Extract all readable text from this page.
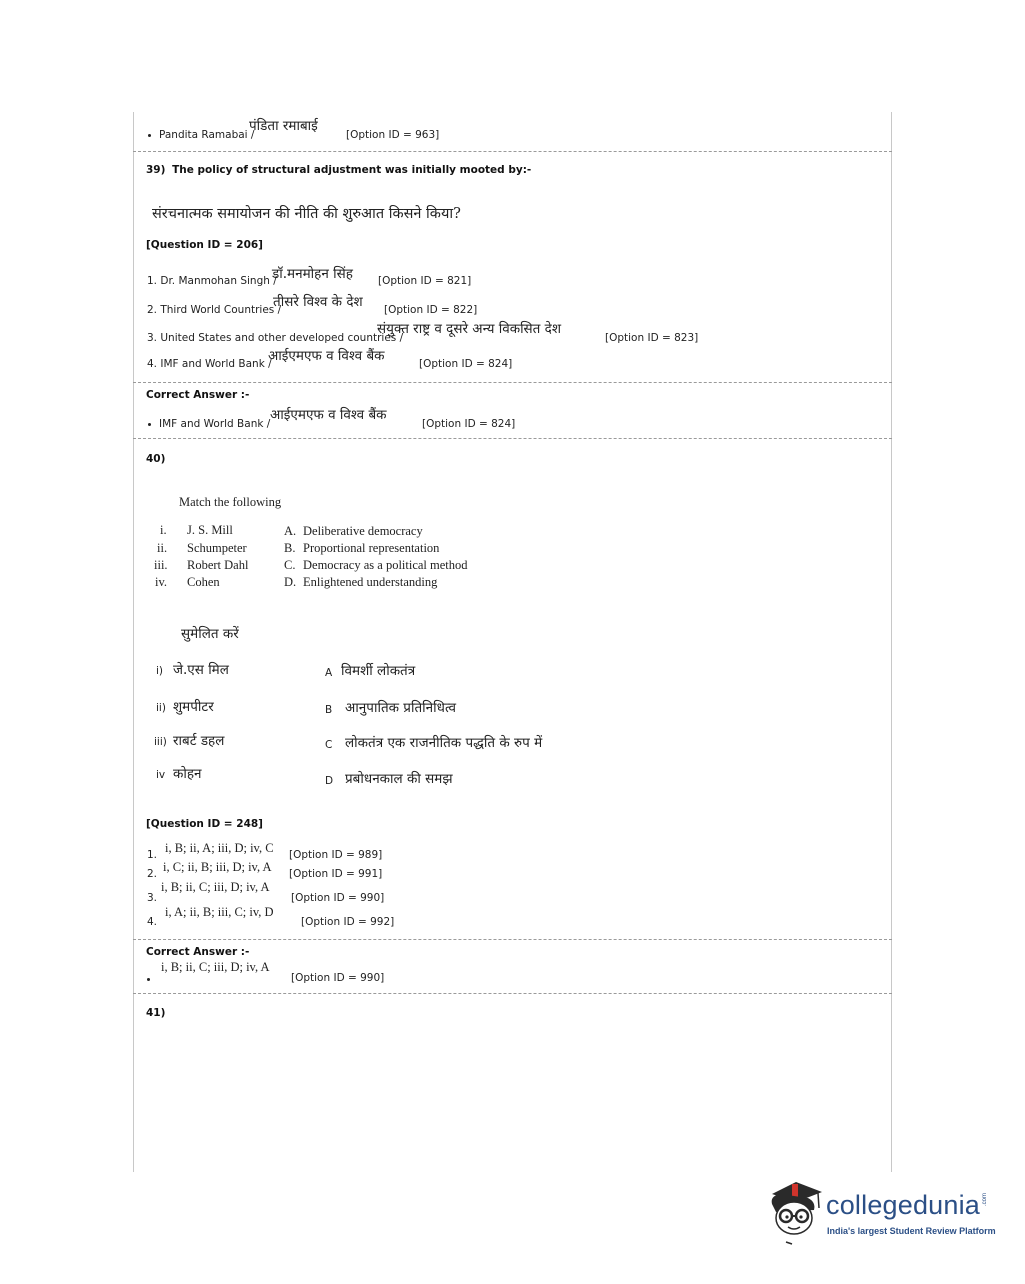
Pandita Ramabai /
पंडिता रमाबाई
[Option ID = 963]
39) The policy of structural adjustment was initially mooted by:-
संरचनात्मक समायोजन की नीति की शुरुआत किसने किया?
[Question ID = 206]
1. Dr. Manmohan Singh /
डॉ.मनमोहन सिंह [Option ID = 821]
2. Third World Countries /
तीसरे विश्व के देश [Option ID = 822]
3. United States and other developed countries /
संयुक्त राष्ट्र व दूसरे अन्य विकसित देश
[Option ID = 823]
4. IMF and World Bank /
आईएमएफ व विश्व बैंक	[Option ID = 824]
Correct Answer :-
IMF and World Bank /
आईएमएफ व विश्व बैंक
[Option ID = 824]
40)
Match the following
i. J. S. Mill
ii. Schumpeter
iii. Robert Dahl
iv. Cohen
A. Deliberative democracy
B. Proportional representation
C. Democracy as a political method
D. Enlightened understanding
सुमेलित करें
i) जे.एस मिल
ii) शुमपीटर
iii) राबर्ट डहल
iv कोहन
A विमर्शी लोकतंत्र
B आनुपातिक प्रतिनिधित्व
C लोकतंत्र एक राजनीतिक पद्धति के रुप में
D प्रबोधनकाल की समझ
[Question ID = 248]
1. i, B; ii, A; iii, D; iv, C [Option ID = 989]
2. i, C; ii, B; iii, D; iv, A [Option ID = 991]
3.
i, B; ii, C; iii, D; iv, A
[Option ID = 990]
4.
i, A; ii, B; iii, C; iv, D
[Option ID = 992]
Correct Answer :-
i, B; ii, C; iii, D; iv, A
[Option ID = 990]
41)
collegedunia .com
India's largest Student Review Platform
